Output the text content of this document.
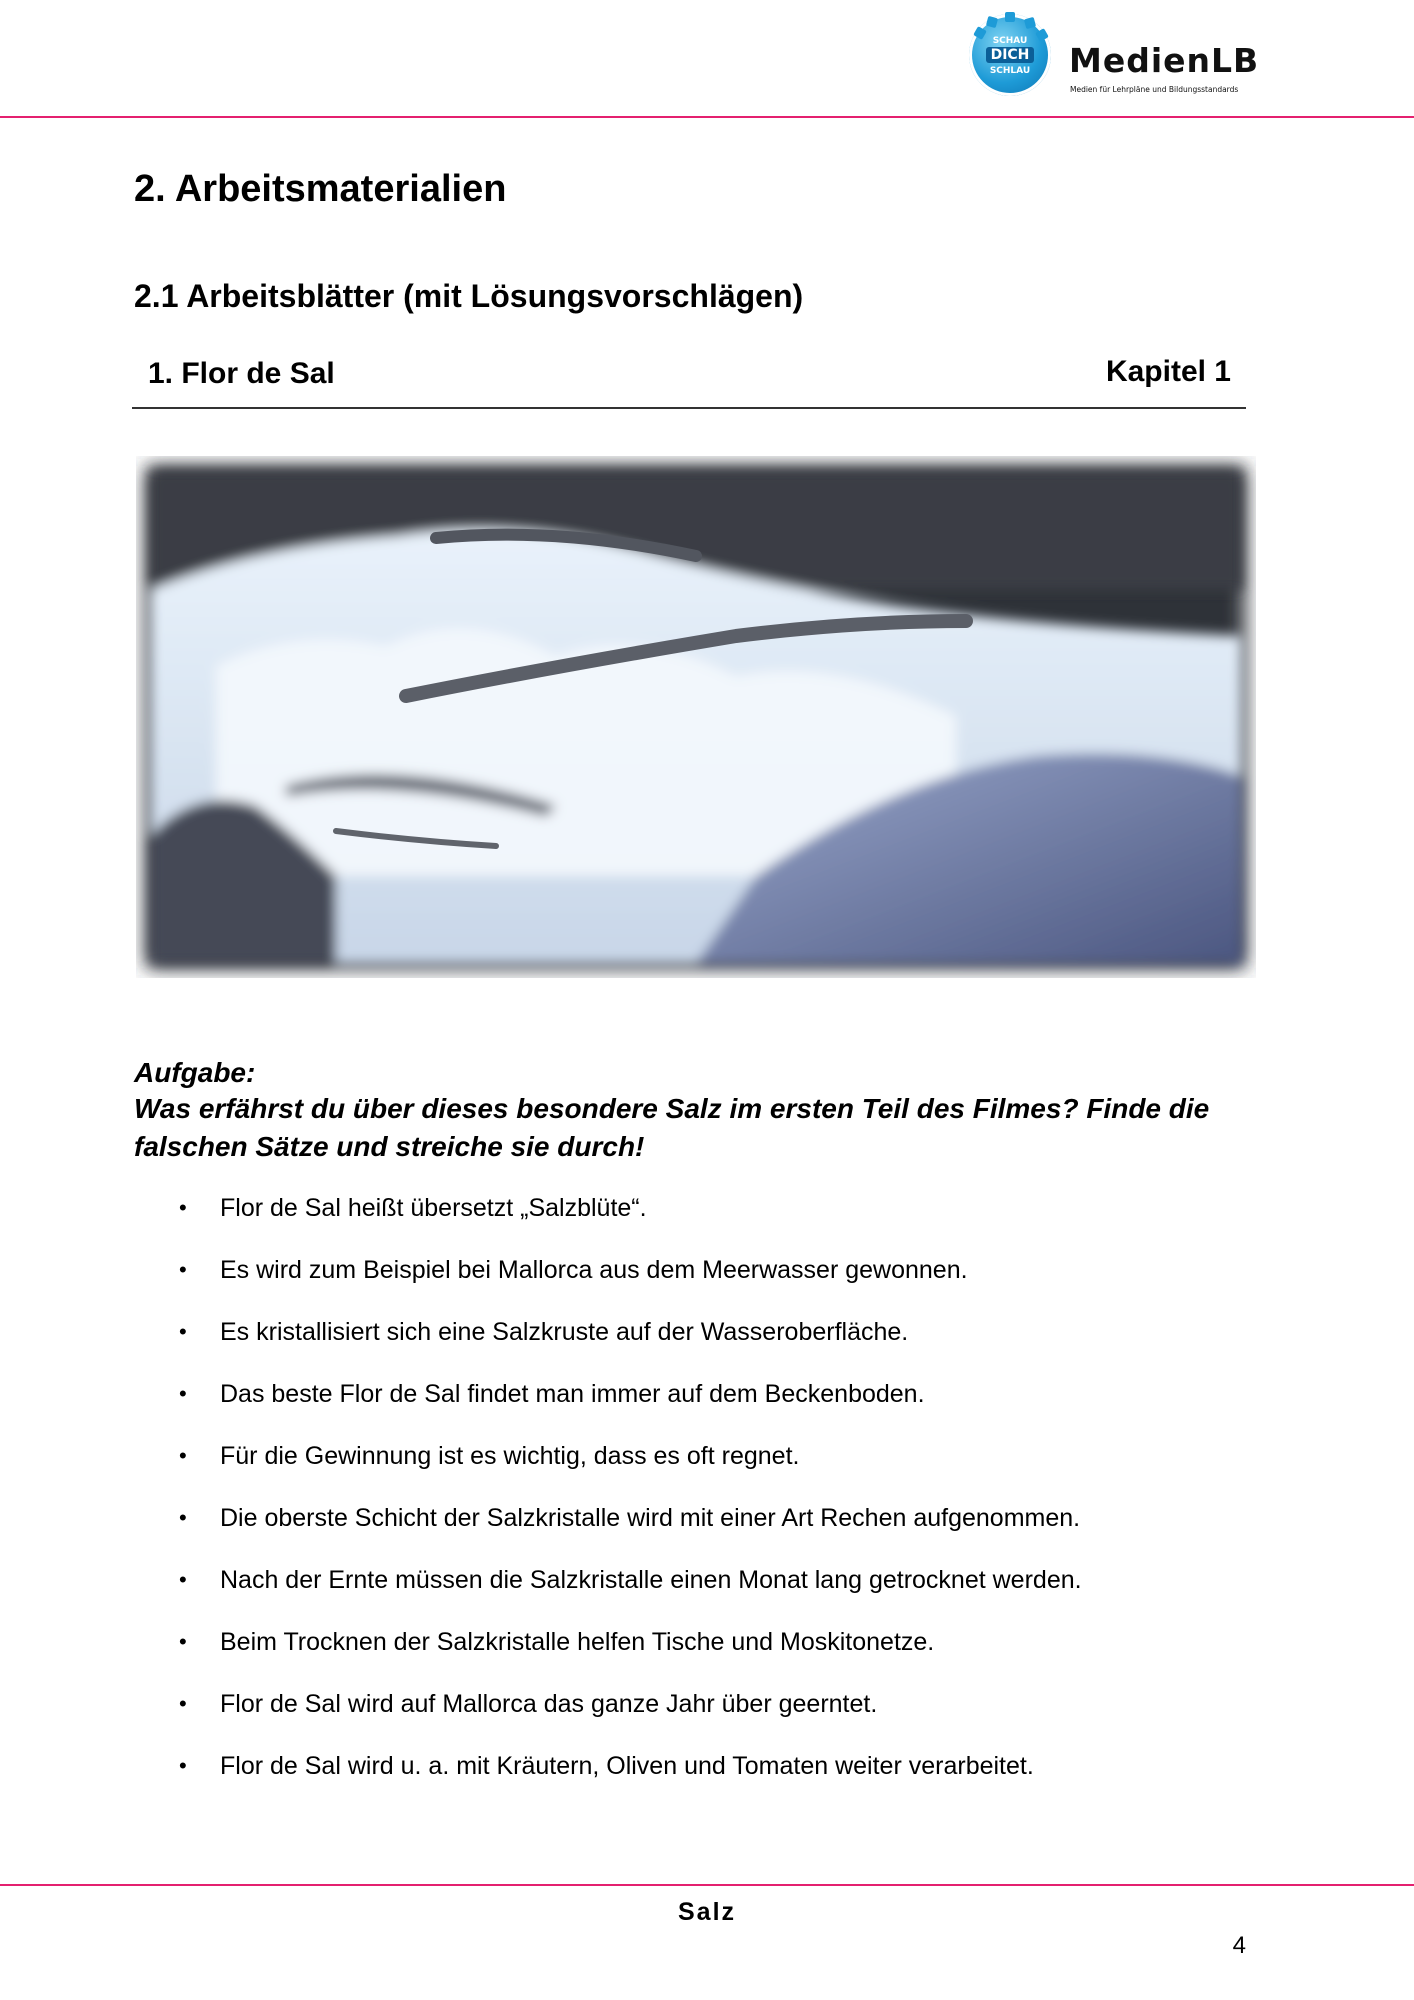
SCHAU
DICH
SCHLAU	MedienLB
Medien für Lehrpläne und Bildungsstandards
2. Arbeitsmaterialien
2.1 Arbeitsblätter (mit Lösungsvorschlägen)
1. Flor de Sal	Kapitel 1
Aufgabe:
Was erfährst du über dieses besondere Salz im ersten Teil des Filmes? Finde die falschen Sätze und streiche sie durch!
• Flor de Sal heißt übersetzt „Salzblüte“.
• Es wird zum Beispiel bei Mallorca aus dem Meerwasser gewonnen.
• Es kristallisiert sich eine Salzkruste auf der Wasseroberfläche.
• Das beste Flor de Sal findet man immer auf dem Beckenboden.
• Für die Gewinnung ist es wichtig, dass es oft regnet.
• Die oberste Schicht der Salzkristalle wird mit einer Art Rechen aufgenommen.
• Nach der Ernte müssen die Salzkristalle einen Monat lang getrocknet werden.
• Beim Trocknen der Salzkristalle helfen Tische und Moskitonetze.
• Flor de Sal wird auf Mallorca das ganze Jahr über geerntet.
• Flor de Sal wird u. a. mit Kräutern, Oliven und Tomaten weiter verarbeitet.
Salz
4
